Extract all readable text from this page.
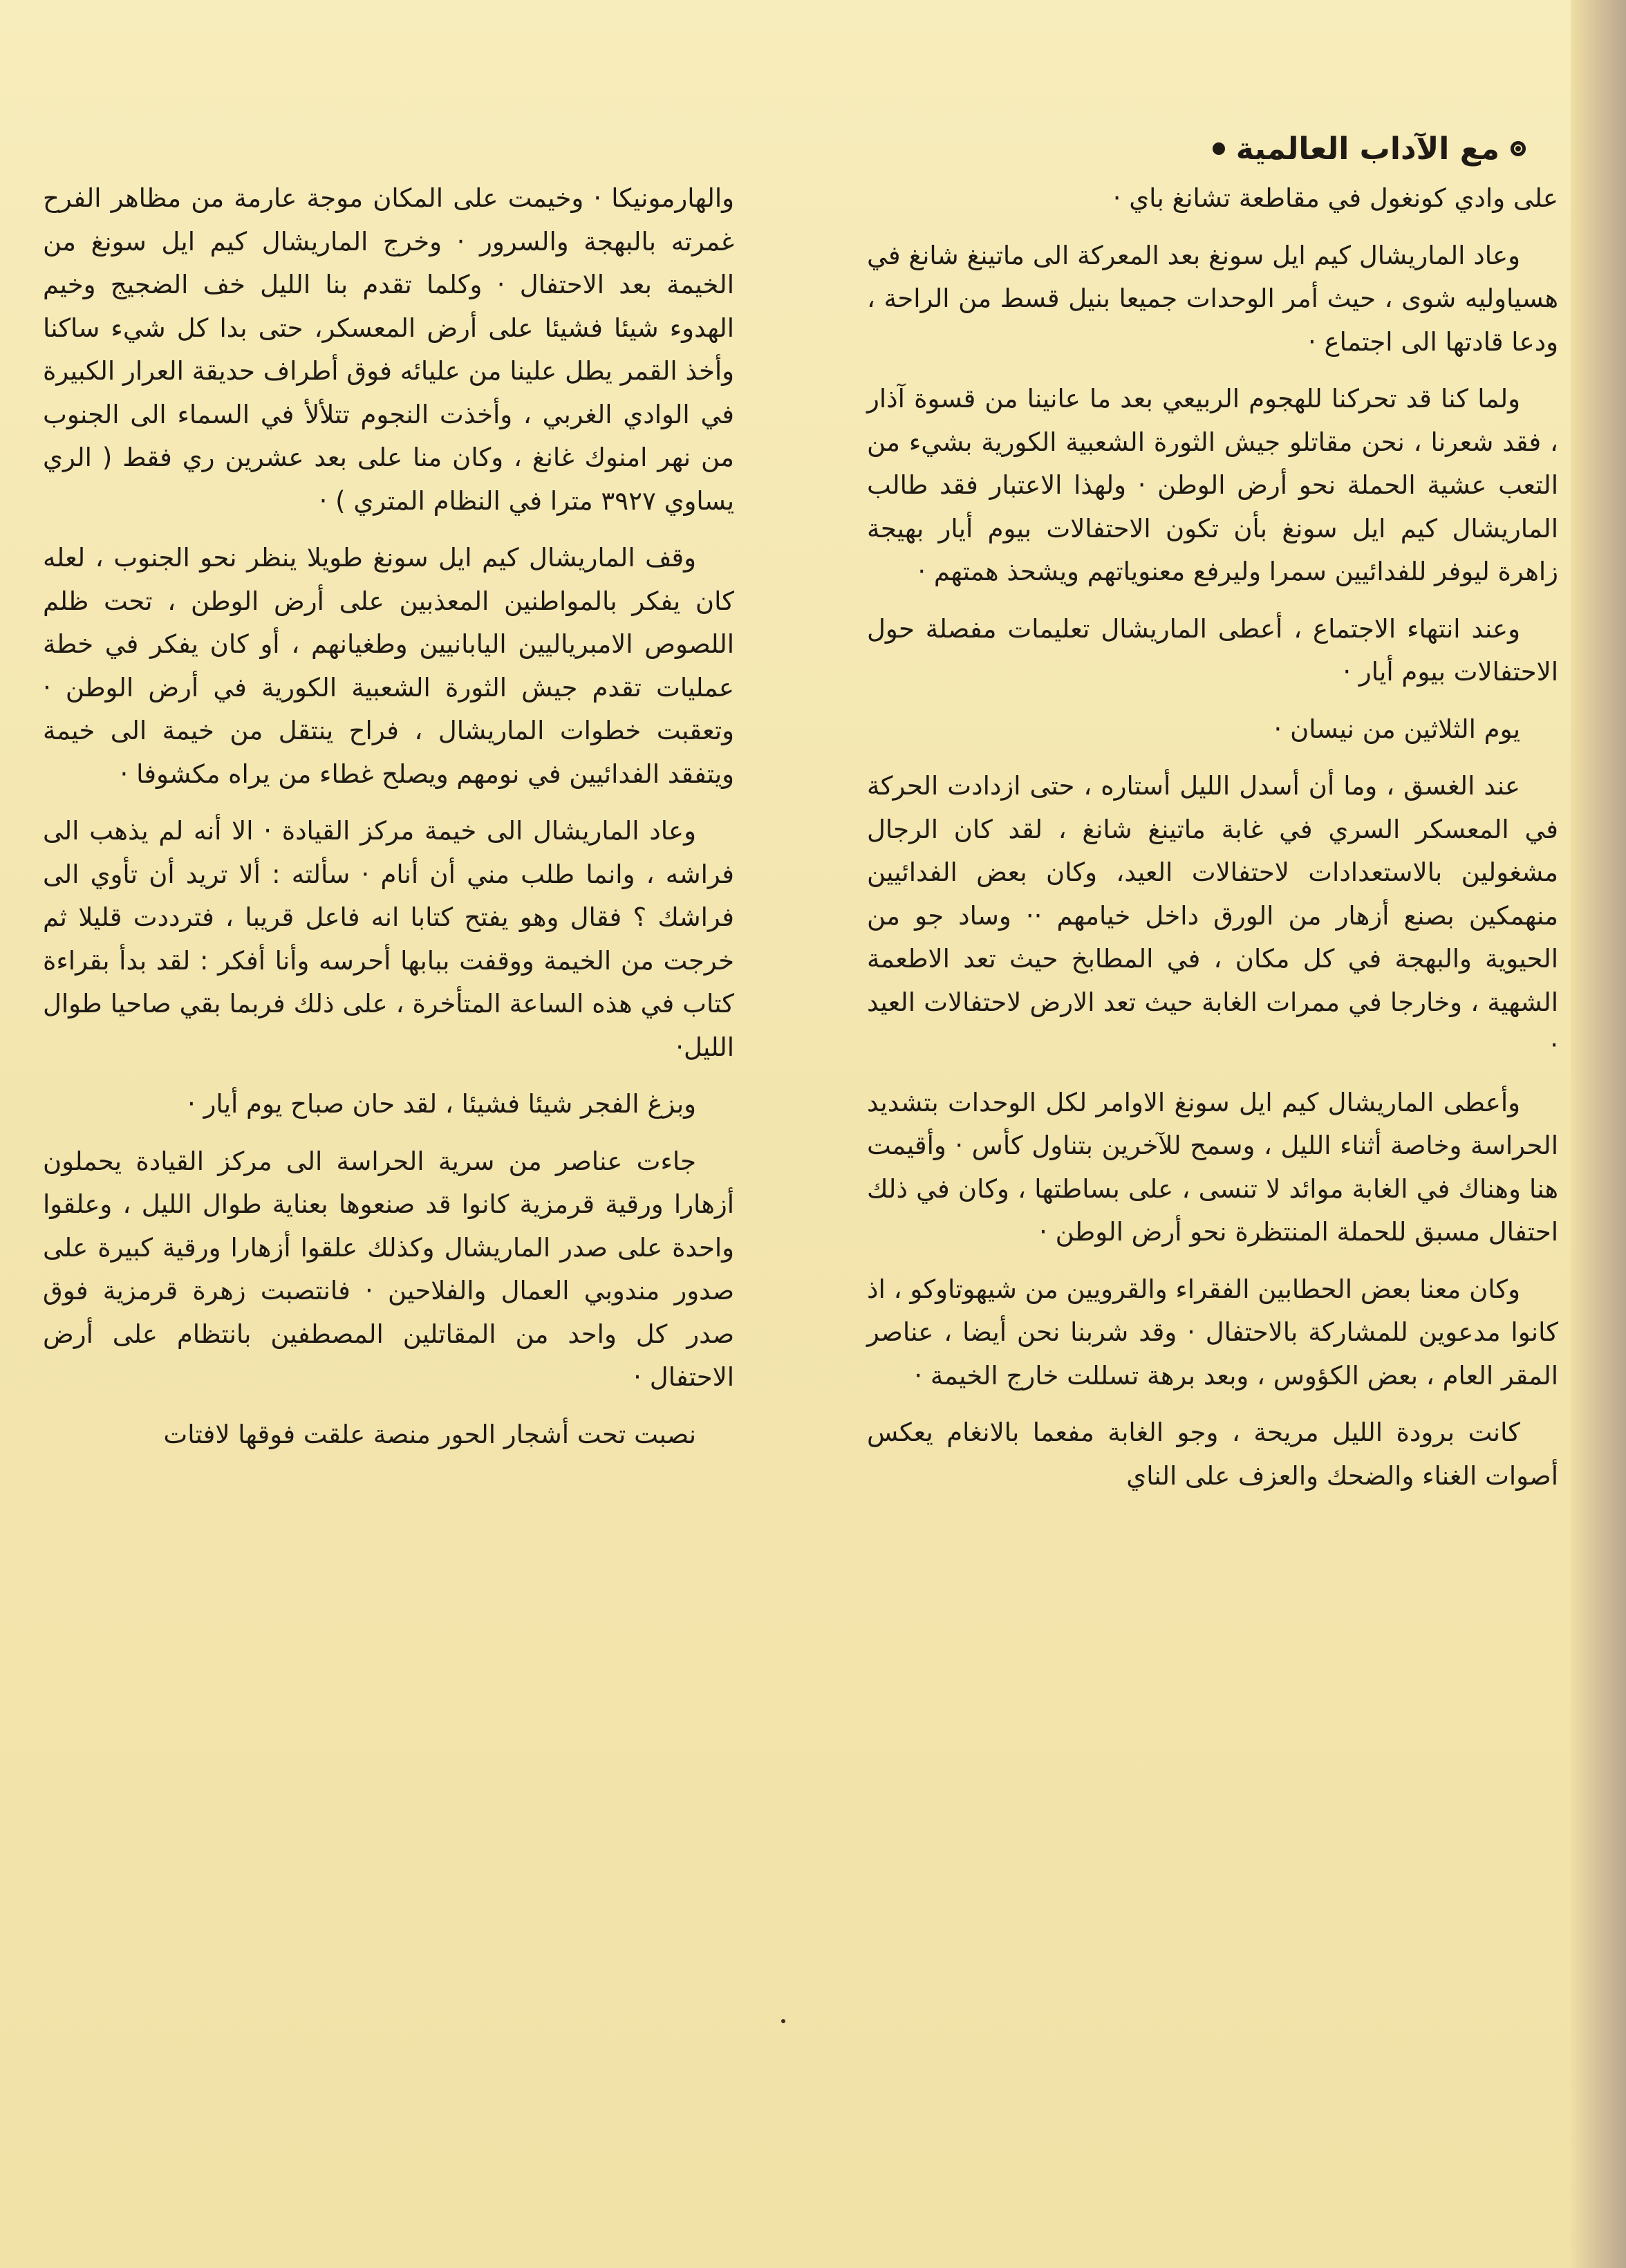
مع الآداب العالمية

على وادي كونغول في مقاطعة تشانغ باي ·

وعاد الماريشال كيم ايل سونغ بعد المعركة الى ماتينغ شانغ في هسياوليه شوى ، حيث أمر الوحدات جميعا بنيل قسط من الراحة ، ودعا قادتها الى اجتماع ·

ولما كنا قد تحركنا للهجوم الربيعي بعد ما عانينا من قسوة آذار ، فقد شعرنا ، نحن مقاتلو جيش الثورة الشعبية الكورية بشيء من التعب عشية الحملة نحو أرض الوطن · ولهذا الاعتبار فقد طالب الماريشال كيم ايل سونغ بأن تكون الاحتفالات بيوم أيار بهيجة زاهرة ليوفر للفدائيين سمرا وليرفع معنوياتهم ويشحذ همتهم ·

وعند انتهاء الاجتماع ، أعطى الماريشال تعليمات مفصلة حول الاحتفالات بيوم أيار ·

يوم الثلاثين من نيسان ·

عند الغسق ، وما أن أسدل الليل أستاره ، حتى ازدادت الحركة في المعسكر السري في غابة ماتينغ شانغ ، لقد كان الرجال مشغولين بالاستعدادات لاحتفالات العيد، وكان بعض الفدائيين منهمكين بصنع أزهار من الورق داخل خيامهم ·· وساد جو من الحيوية والبهجة في كل مكان ، في المطابخ حيث تعد الاطعمة الشهية ، وخارجا في ممرات الغابة حيث تعد الارض لاحتفالات العيد ·

وأعطى الماريشال كيم ايل سونغ الاوامر لكل الوحدات بتشديد الحراسة وخاصة أثناء الليل ، وسمح للآخرين بتناول كأس · وأقيمت هنا وهناك في الغابة موائد لا تنسى ، على بساطتها ، وكان في ذلك احتفال مسبق للحملة المنتظرة نحو أرض الوطن ·

وكان معنا بعض الحطابين الفقراء والقرويين من شيهوتاوكو ، اذ كانوا مدعوين للمشاركة بالاحتفال · وقد شربنا نحن أيضا ، عناصر المقر العام ، بعض الكؤوس ، وبعد برهة تسللت خارج الخيمة ·

كانت برودة الليل مريحة ، وجو الغابة مفعما بالانغام يعكس أصوات الغناء والضحك والعزف على الناي

والهارمونيكا · وخيمت على المكان موجة عارمة من مظاهر الفرح غمرته بالبهجة والسرور · وخرج الماريشال كيم ايل سونغ من الخيمة بعد الاحتفال · وكلما تقدم بنا الليل خف الضجيج وخيم الهدوء شيئا فشيئا على أرض المعسكر، حتى بدا كل شيء ساكنا وأخذ القمر يطل علينا من عليائه فوق أطراف حديقة العرار الكبيرة في الوادي الغربي ، وأخذت النجوم تتلألأ في السماء الى الجنوب من نهر امنوك غانغ ، وكان منا على بعد عشرين ري فقط ( الري يساوي ٣٩٢٧ مترا في النظام المتري ) ·

وقف الماريشال كيم ايل سونغ طويلا ينظر نحو الجنوب ، لعله كان يفكر بالمواطنين المعذبين على أرض الوطن ، تحت ظلم اللصوص الامبرياليين اليابانيين وطغيانهم ، أو كان يفكر في خطة عمليات تقدم جيش الثورة الشعبية الكورية في أرض الوطن · وتعقبت خطوات الماريشال ، فراح ينتقل من خيمة الى خيمة ويتفقد الفدائيين في نومهم ويصلح غطاء من يراه مكشوفا ·

وعاد الماريشال الى خيمة مركز القيادة · الا أنه لم يذهب الى فراشه ، وانما طلب مني أن أنام · سألته : ألا تريد أن تأوي الى فراشك ؟ فقال وهو يفتح كتابا انه فاعل قريبا ، فترددت قليلا ثم خرجت من الخيمة ووقفت ببابها أحرسه وأنا أفكر : لقد بدأ بقراءة كتاب في هذه الساعة المتأخرة ، على ذلك فربما بقي صاحيا طوال الليل·

وبزغ الفجر شيئا فشيئا ، لقد حان صباح يوم أيار ·

جاءت عناصر من سرية الحراسة الى مركز القيادة يحملون أزهارا ورقية قرمزية كانوا قد صنعوها بعناية طوال الليل ، وعلقوا واحدة على صدر الماريشال وكذلك علقوا أزهارا ورقية كبيرة على صدور مندوبي العمال والفلاحين · فانتصبت زهرة قرمزية فوق صدر كل واحد من المقاتلين المصطفين بانتظام على أرض الاحتفال ·

نصبت تحت أشجار الحور منصة علقت فوقها لافتات
